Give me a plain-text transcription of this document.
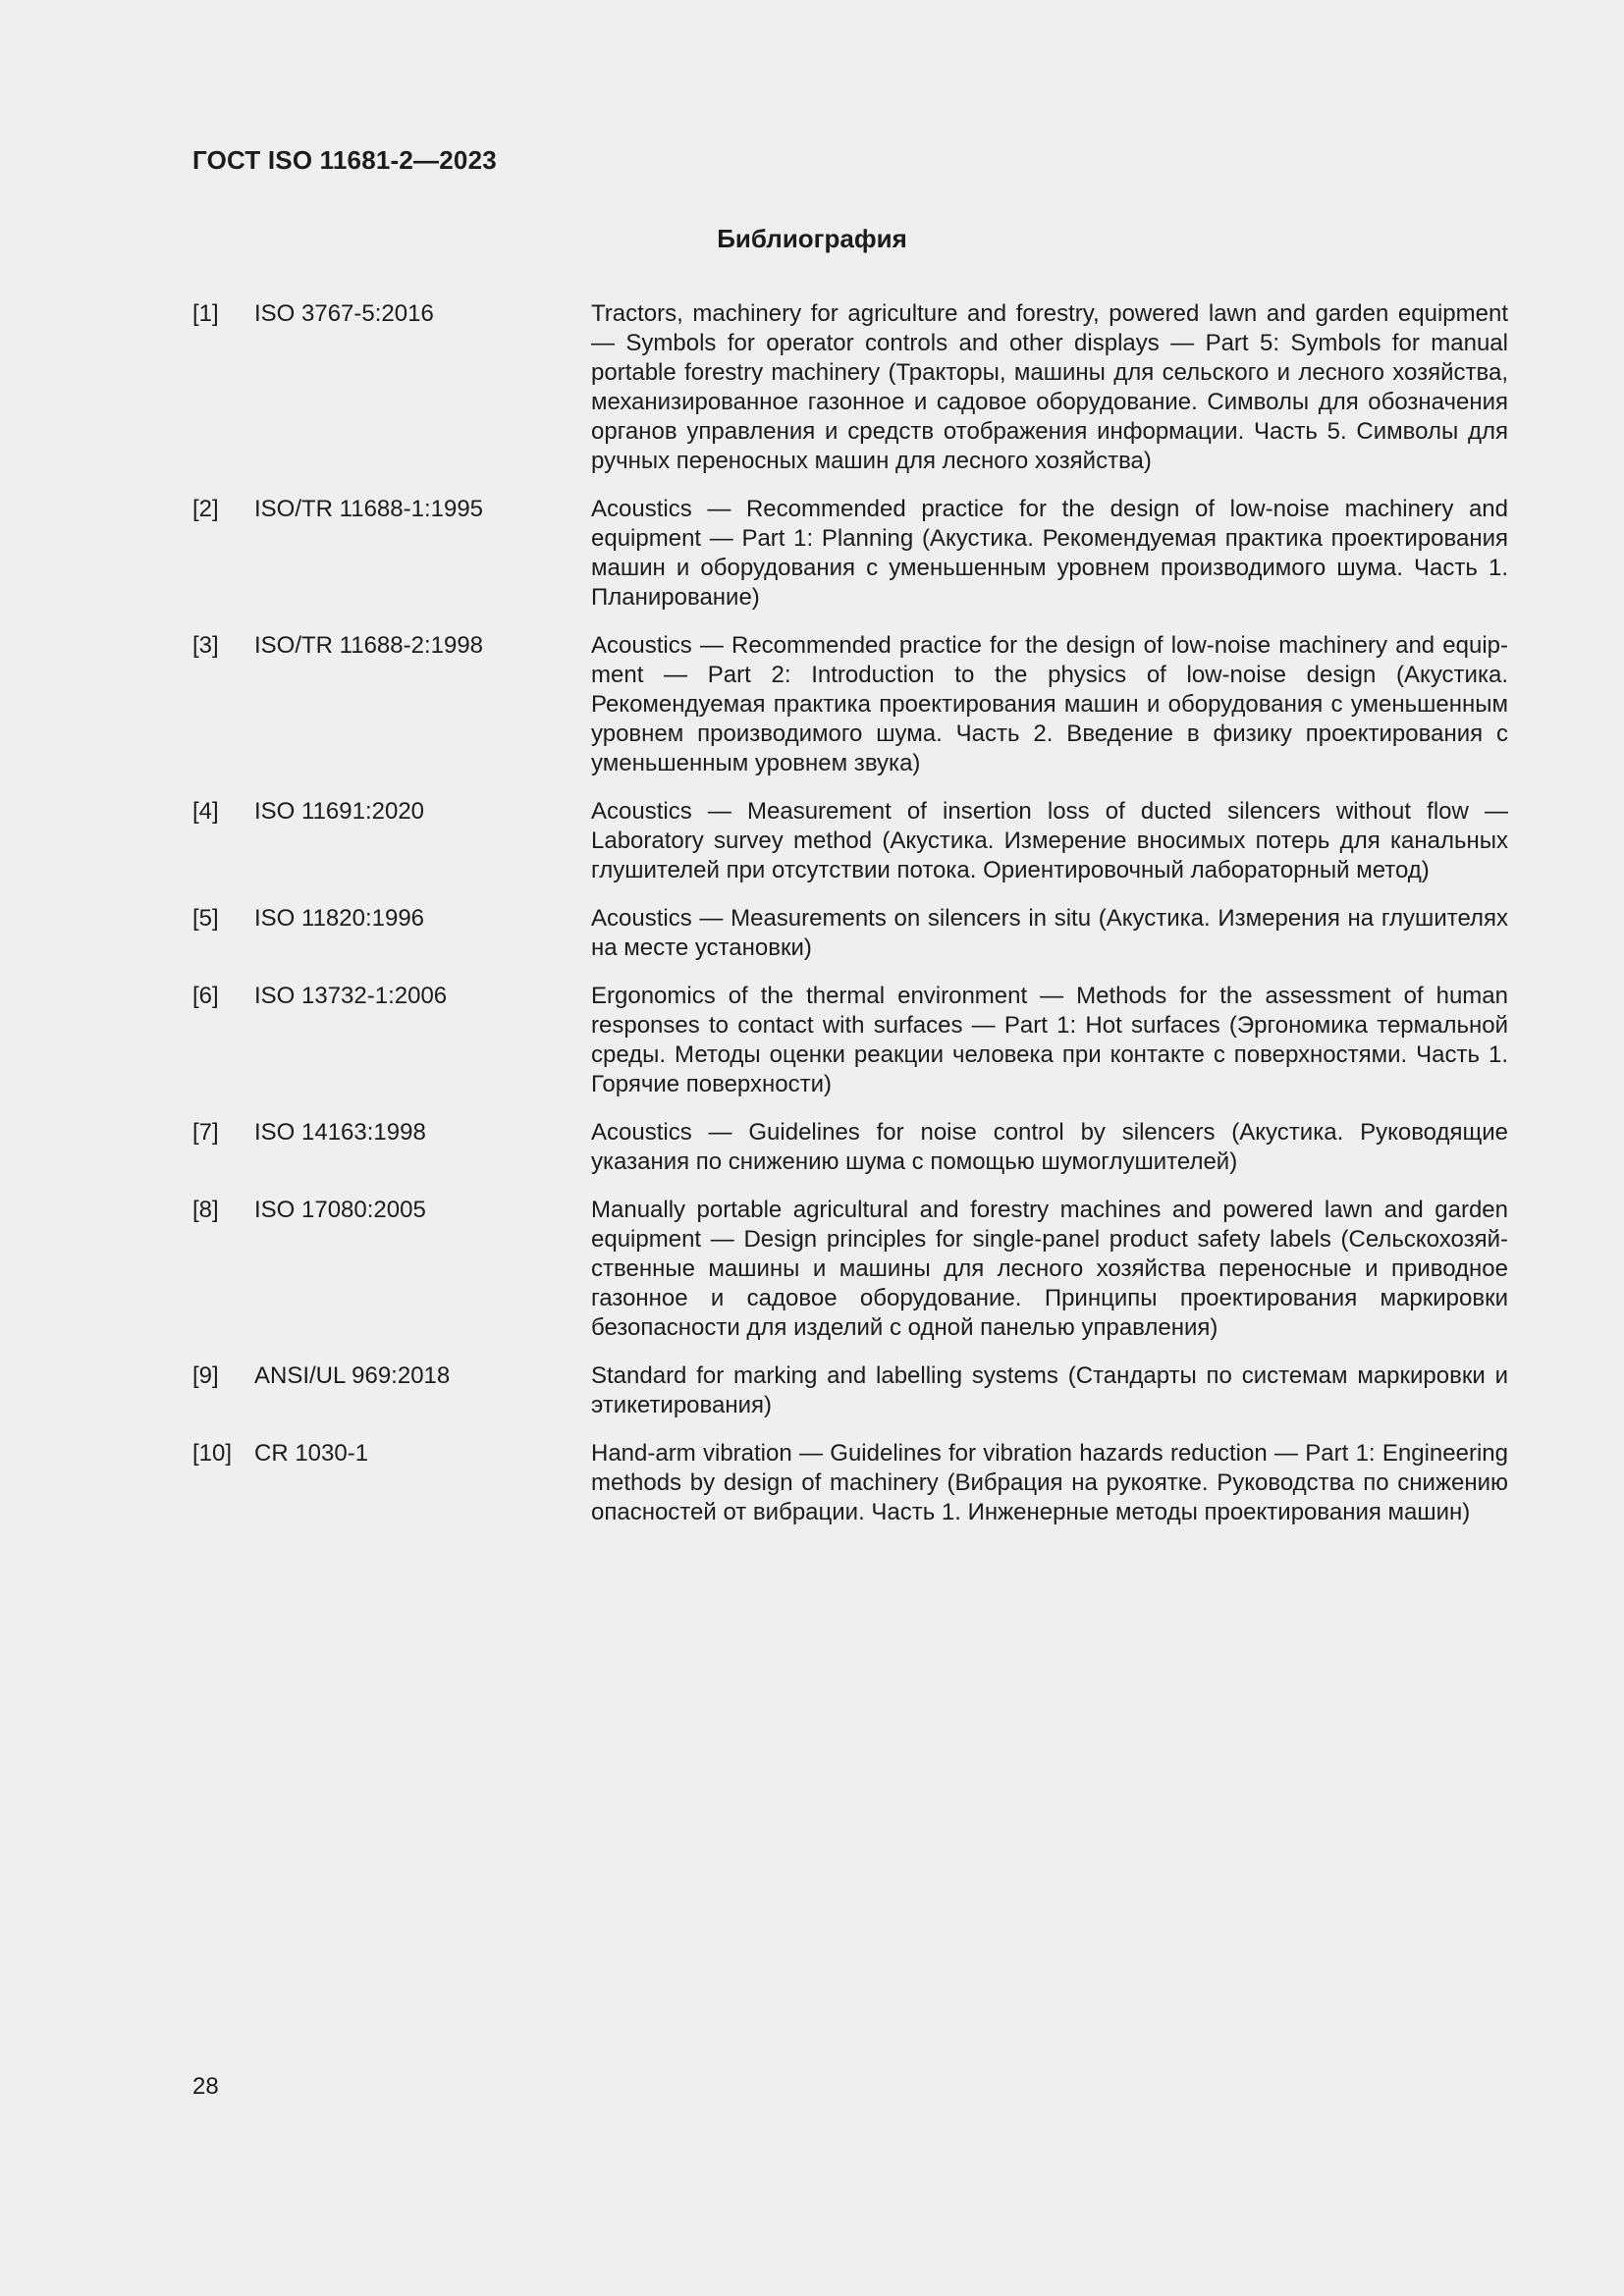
ГОСТ ISO 11681-2—2023
Библиография
[1]	ISO 3767-5:2016	Tractors, machinery for agriculture and forestry, powered lawn and garden equipment — Symbols for operator controls and other displays — Part 5: Symbols for manual portable forestry machinery (Тракторы, машины для сельского и лесного хозяйства, механизированное газонное и садовое оборудование. Символы для обозначения органов управления и средств отображения информации. Часть 5. Символы для ручных переносных машин для лесного хозяйства)
[2]	ISO/TR 11688-1:1995	Acoustics — Recommended practice for the design of low-noise machinery and equipment — Part 1: Planning (Акустика. Рекомендуемая практика проектирования машин и оборудования с уменьшенным уровнем производимого шума. Часть 1. Планирование)
[3]	ISO/TR 11688-2:1998	Acoustics — Recommended practice for the design of low-noise machinery and equipment — Part 2: Introduction to the physics of low-noise design (Акустика. Рекомендуемая практика проектирования машин и оборудования с уменьшенным уровнем производимого шума. Часть 2. Введение в физику проектирования с уменьшенным уровнем звука)
[4]	ISO 11691:2020	Acoustics — Measurement of insertion loss of ducted silencers without flow — Laboratory survey method (Акустика. Измерение вносимых потерь для канальных глушителей при отсутствии потока. Ориентировочный лабораторный метод)
[5]	ISO 11820:1996	Acoustics — Measurements on silencers in situ (Акустика. Измерения на глушителях на месте установки)
[6]	ISO 13732-1:2006	Ergonomics of the thermal environment — Methods for the assessment of human responses to contact with surfaces — Part 1: Hot surfaces (Эргономика термальной среды. Методы оценки реакции человека при контакте с поверхностями. Часть 1. Горячие поверхности)
[7]	ISO 14163:1998	Acoustics — Guidelines for noise control by silencers (Акустика. Руководящие указания по снижению шума с помощью шумоглушителей)
[8]	ISO 17080:2005	Manually portable agricultural and forestry machines and powered lawn and garden equipment — Design principles for single-panel product safety labels (Сельскохозяйственные машины и машины для лесного хозяйства переносные и приводное газонное и садовое оборудование. Принципы проектирования маркировки безопасности для изделий с одной панелью управления)
[9]	ANSI/UL 969:2018	Standard for marking and labelling systems (Стандарты по системам маркировки и этикетирования)
[10] CR 1030-1	Hand-arm vibration — Guidelines for vibration hazards reduction — Part 1: Engineering methods by design of machinery (Вибрация на рукоятке. Руководства по снижению опасностей от вибрации. Часть 1. Инженерные методы проектирования машин)
28
